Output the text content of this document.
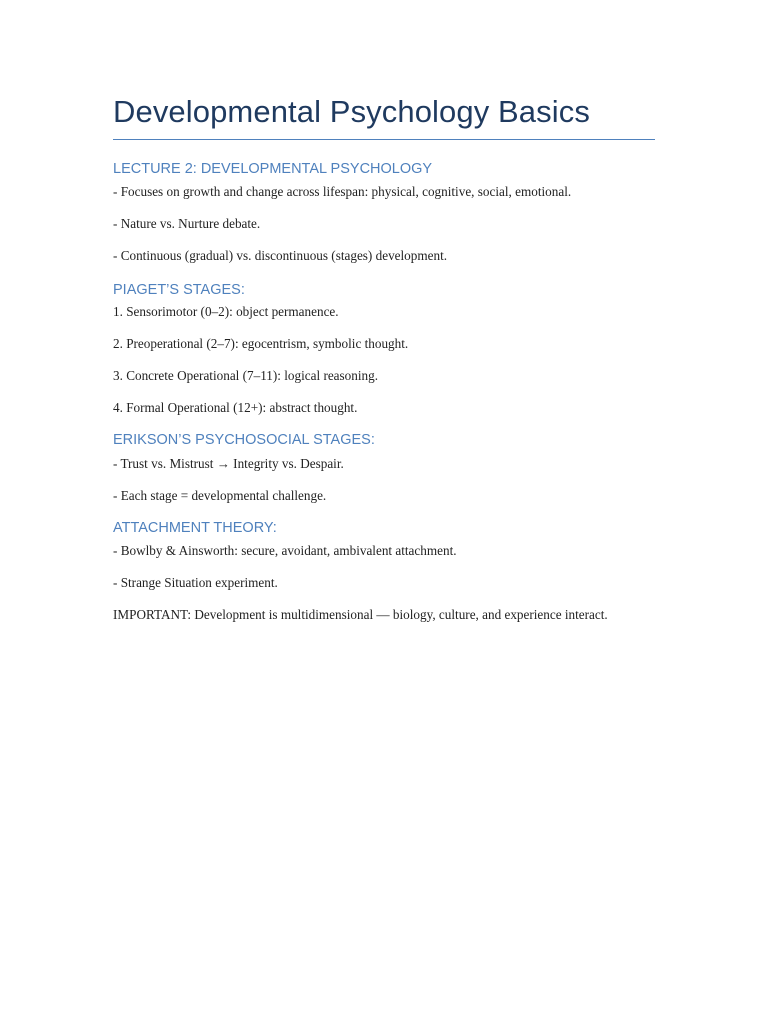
Developmental Psychology Basics
LECTURE 2: DEVELOPMENTAL PSYCHOLOGY

- Focuses on growth and change across lifespan: physical, cognitive, social, emotional.

- Nature vs. Nurture debate.

- Continuous (gradual) vs. discontinuous (stages) development.

PIAGET’S STAGES:

1. Sensorimotor (0–2): object permanence.

2. Preoperational (2–7): egocentrism, symbolic thought.

3. Concrete Operational (7–11): logical reasoning.

4. Formal Operational (12+): abstract thought.

ERIKSON’S PSYCHOSOCIAL STAGES:

- Trust vs. Mistrust → Integrity vs. Despair.

- Each stage = developmental challenge.

ATTACHMENT THEORY:

- Bowlby & Ainsworth: secure, avoidant, ambivalent attachment.

- Strange Situation experiment.

IMPORTANT: Development is multidimensional — biology, culture, and experience interact.
